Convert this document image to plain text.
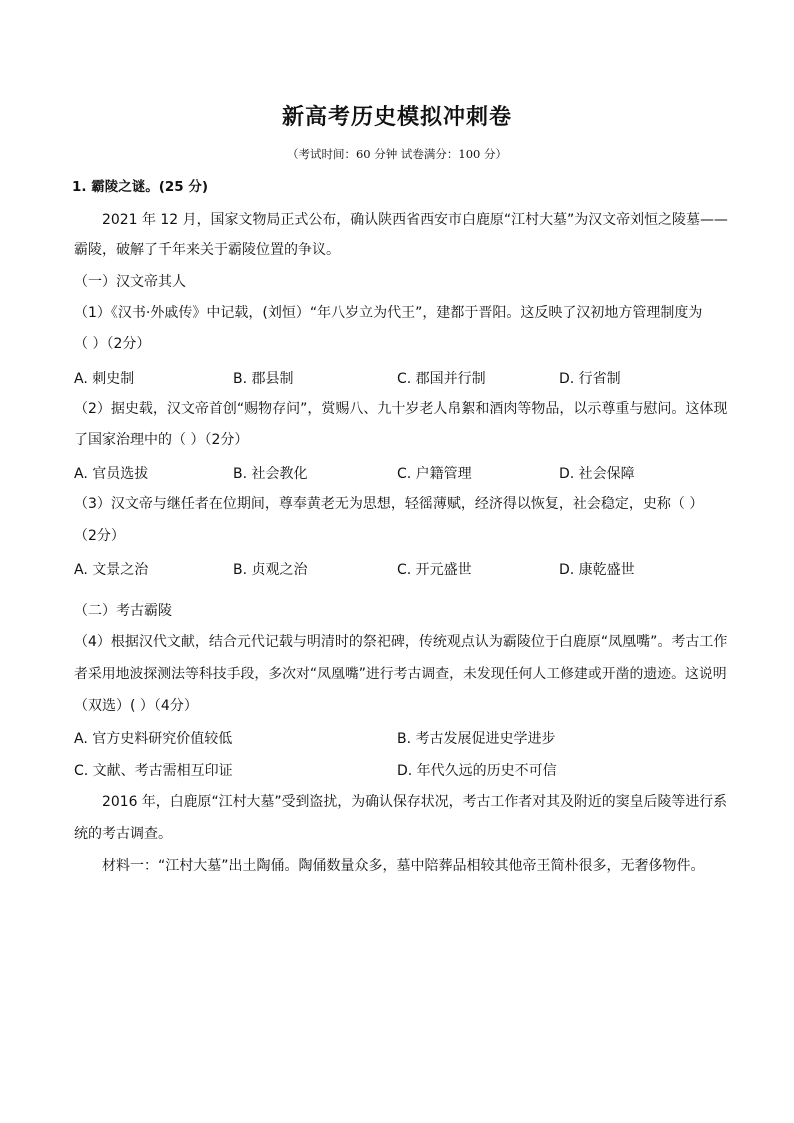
新高考历史模拟冲刺卷
（考试时间：60 分钟 试卷满分：100 分）
1. 霸陵之谜。(25 分)
2021 年 12 月，国家文物局正式公布，确认陕西省西安市白鹿原“江村大墓”为汉文帝刘恒之陵墓——
霸陵，破解了千年来关于霸陵位置的争议。
（一）汉文帝其人
（1）《汉书·外戚传》中记载，(刘恒）“年八岁立为代王”，建都于晋阳。这反映了汉初地方管理制度为
（ ）（2分）
A. 刺史制	B. 郡县制	C. 郡国并行制	D. 行省制
（2）据史载，汉文帝首创“赐物存问”，赏赐八、九十岁老人帛絮和酒肉等物品，以示尊重与慰问。这体现
了国家治理中的（ ）（2分）
A. 官员选拔	B. 社会教化	C. 户籍管理	D. 社会保障
（3）汉文帝与继任者在位期间，尊奉黄老无为思想，轻徭薄赋，经济得以恢复，社会稳定，史称（ ）
（2分）
A. 文景之治	B. 贞观之治	C. 开元盛世	D. 康乾盛世
（二）考古霸陵
（4）根据汉代文献，结合元代记载与明清时的祭祀碑，传统观点认为霸陵位于白鹿原“凤凰嘴”。考古工作
者采用地波探测法等科技手段，多次对“凤凰嘴”进行考古调查，未发现任何人工修建或开凿的遗迹。这说明
（双选）( ）（4分）
A. 官方史料研究价值较低	B. 考古发展促进史学进步
C. 文献、考古需相互印证	D. 年代久远的历史不可信
2016 年，白鹿原“江村大墓”受到盗扰，为确认保存状况，考古工作者对其及附近的窦皇后陵等进行系
统的考古调查。
材料一：“江村大墓”出土陶俑。陶俑数量众多，墓中陪葬品相较其他帝王简朴很多，无奢侈物件。
